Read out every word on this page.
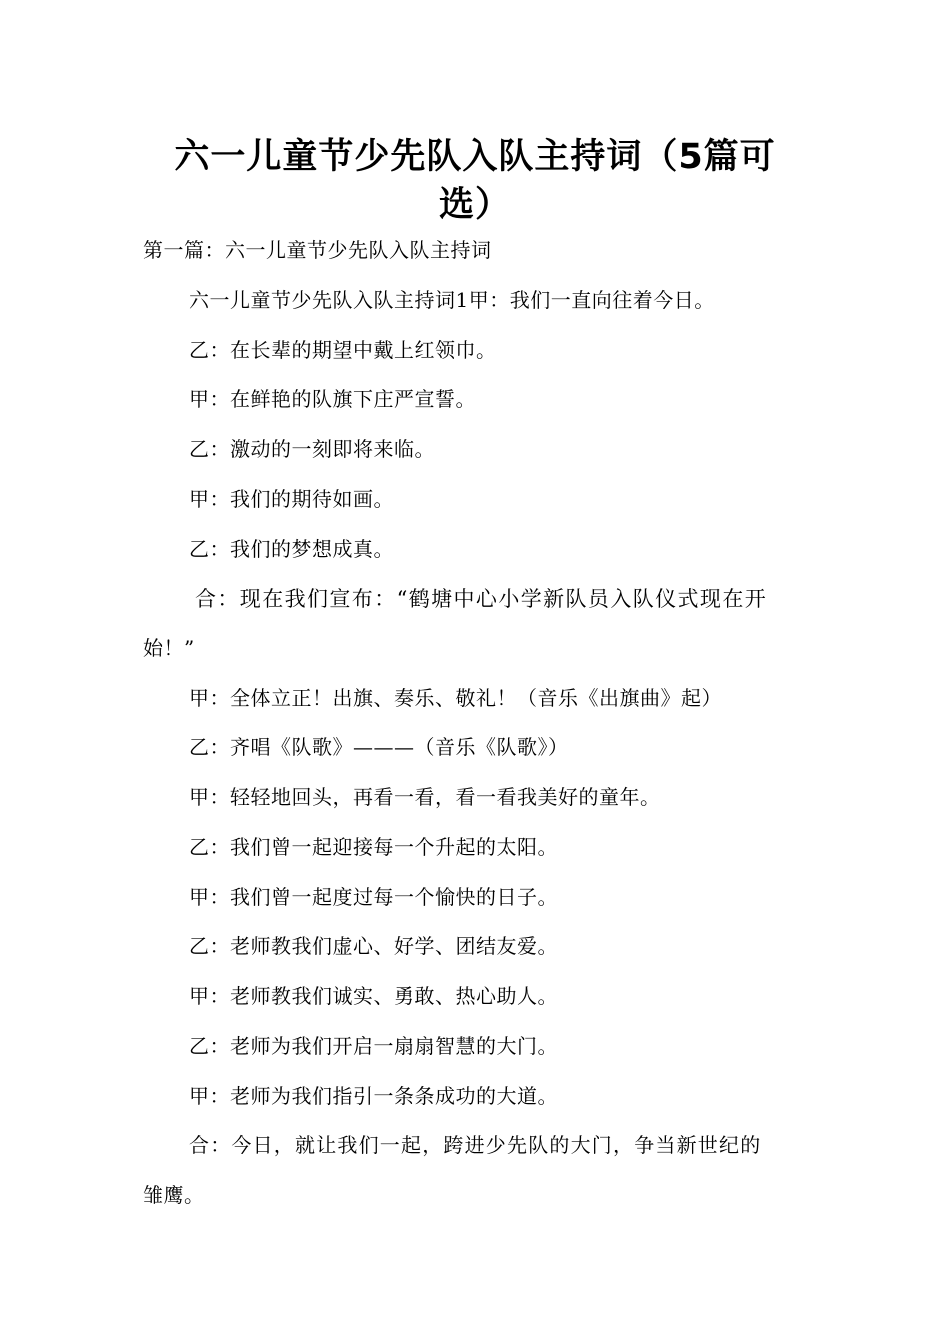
六一儿童节少先队入队主持词（5篇可
选）
第一篇：六一儿童节少先队入队主持词
六一儿童节少先队入队主持词1甲：我们一直向往着今日。
乙：在长辈的期望中戴上红领巾。
甲：在鲜艳的队旗下庄严宣誓。
乙：激动的一刻即将来临。
甲：我们的期待如画。
乙：我们的梦想成真。
合：现在我们宣布：“鹤塘中心小学新队员入队仪式现在开
始！”
甲：全体立正！出旗、奏乐、敬礼！（音乐《出旗曲》起）
乙：齐唱《队歌》———（音乐《队歌》）
甲：轻轻地回头，再看一看，看一看我美好的童年。
乙：我们曾一起迎接每一个升起的太阳。
甲：我们曾一起度过每一个愉快的日子。
乙：老师教我们虚心、好学、团结友爱。
甲：老师教我们诚实、勇敢、热心助人。
乙：老师为我们开启一扇扇智慧的大门。
甲：老师为我们指引一条条成功的大道。
合：今日，就让我们一起，跨进少先队的大门，争当新世纪的
雏鹰。
